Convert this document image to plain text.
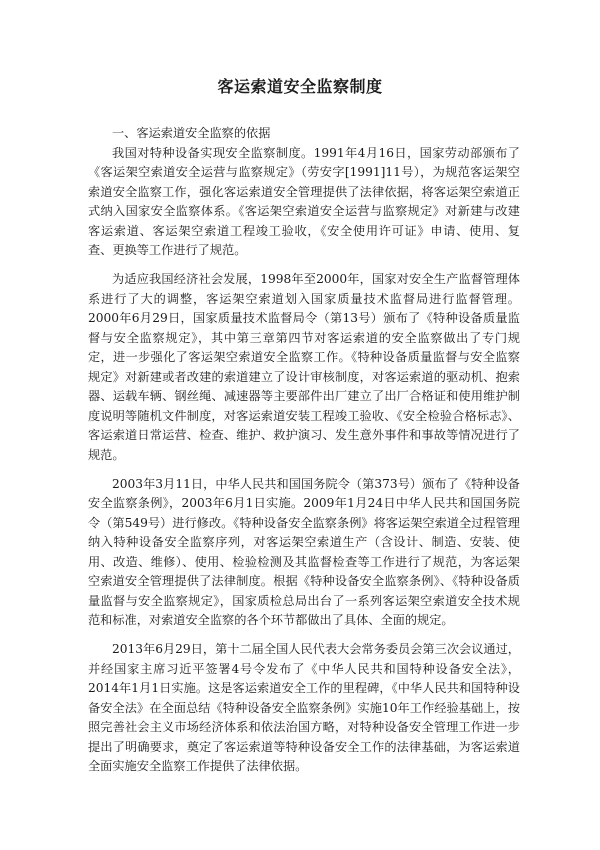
客运索道安全监察制度

一、客运索道安全监察的依据

我国对特种设备实现安全监察制度。1991年4月16日，国家劳动部颁布了《客运架空索道安全运营与监察规定》（劳安字[1991]11号），为规范客运架空索道安全监察工作，强化客运索道安全管理提供了法律依据，将客运架空索道正式纳入国家安全监察体系。《客运架空索道安全运营与监察规定》对新建与改建客运索道、客运架空索道工程竣工验收，《安全使用许可证》申请、使用、复查、更换等工作进行了规范。

为适应我国经济社会发展，1998年至2000年，国家对安全生产监督管理体系进行了大的调整，客运架空索道划入国家质量技术监督局进行监督管理。2000年6月29日，国家质量技术监督局令（第13号）颁布了《特种设备质量监督与安全监察规定》，其中第三章第四节对客运索道的安全监察做出了专门规定，进一步强化了客运架空索道安全监察工作。《特种设备质量监督与安全监察规定》对新建或者改建的索道建立了设计审核制度，对客运索道的驱动机、抱索器、运载车辆、钢丝绳、减速器等主要部件出厂建立了出厂合格证和使用维护制度说明等随机文件制度，对客运索道安装工程竣工验收、《安全检验合格标志》、客运索道日常运营、检查、维护、救护演习、发生意外事件和事故等情况进行了规范。

2003年3月11日，中华人民共和国国务院令（第373号）颁布了《特种设备安全监察条例》，2003年6月1日实施。2009年1月24日中华人民共和国国务院令（第549号）进行修改。《特种设备安全监察条例》将客运架空索道全过程管理纳入特种设备安全监察序列，对客运架空索道生产（含设计、制造、安装、使用、改造、维修）、使用、检验检测及其监督检查等工作进行了规范，为客运架空索道安全管理提供了法律制度。根据《特种设备安全监察条例》、《特种设备质量监督与安全监察规定》，国家质检总局出台了一系列客运架空索道安全技术规范和标准，对索道安全监察的各个环节都做出了具体、全面的规定。

2013年6月29日，第十二届全国人民代表大会常务委员会第三次会议通过，并经国家主席习近平签署4号令发布了《中华人民共和国特种设备安全法》，2014年1月1日实施。这是客运索道安全工作的里程碑，《中华人民共和国特种设备安全法》在全面总结《特种设备安全监察条例》实施10年工作经验基础上，按照完善社会主义市场经济体系和依法治国方略，对特种设备安全管理工作进一步提出了明确要求，奠定了客运索道等特种设备安全工作的法律基础，为客运索道全面实施安全监察工作提供了法律依据。
